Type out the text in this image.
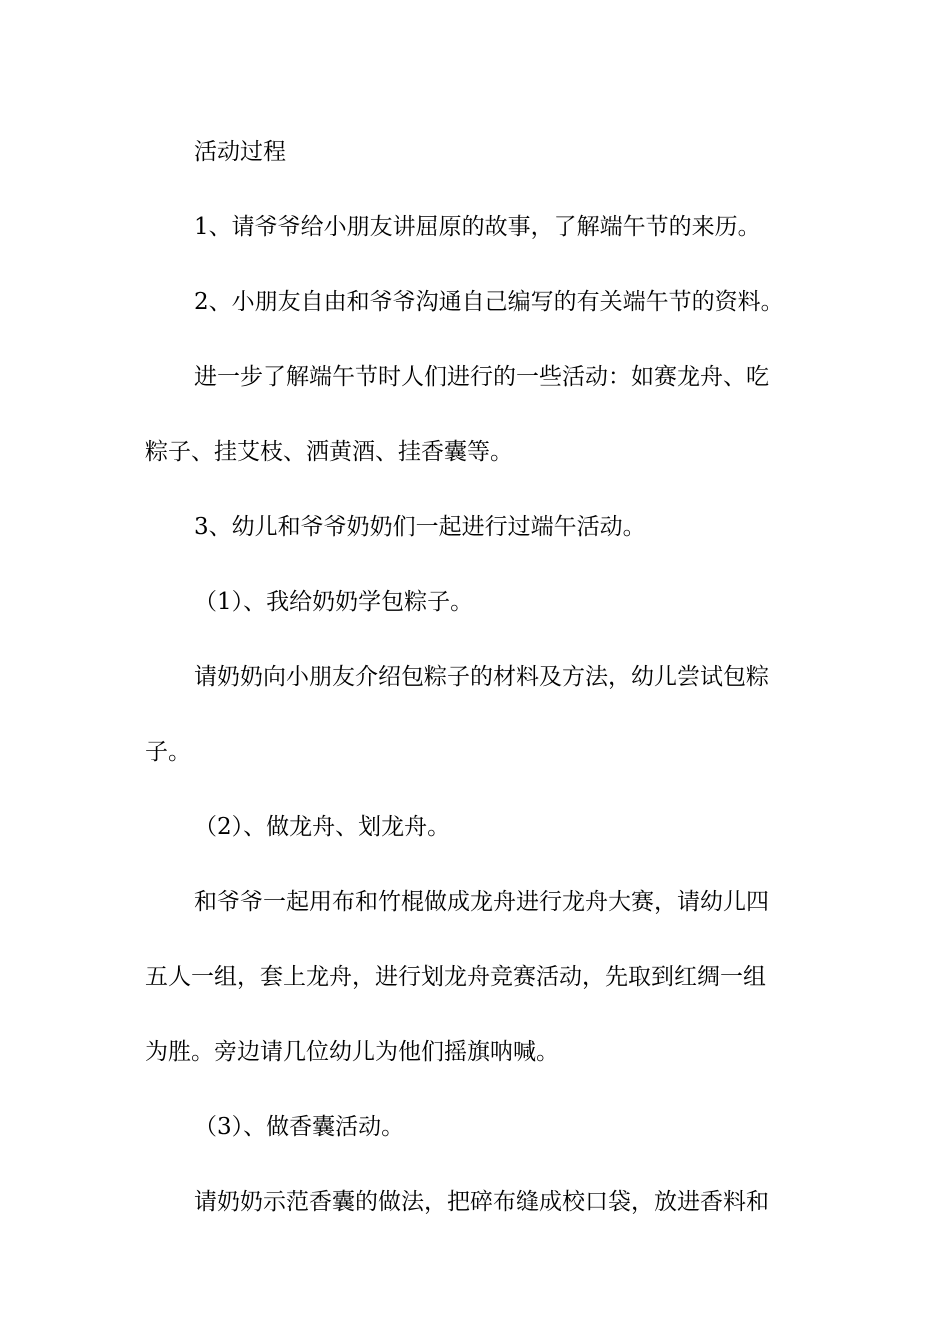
活动过程
1、请爷爷给小朋友讲屈原的故事，了解端午节的来历。
2、小朋友自由和爷爷沟通自己编写的有关端午节的资料。
进一步了解端午节时人们进行的一些活动：如赛龙舟、吃
粽子、挂艾枝、洒黄酒、挂香囊等。
3、幼儿和爷爷奶奶们一起进行过端午活动。
（1）、我给奶奶学包粽子。
请奶奶向小朋友介绍包粽子的材料及方法，幼儿尝试包粽
子。
（2）、做龙舟、划龙舟。
和爷爷一起用布和竹棍做成龙舟进行龙舟大赛，请幼儿四
五人一组，套上龙舟，进行划龙舟竞赛活动，先取到红绸一组
为胜。旁边请几位幼儿为他们摇旗呐喊。
（3）、做香囊活动。
请奶奶示范香囊的做法，把碎布缝成校口袋，放进香料和
